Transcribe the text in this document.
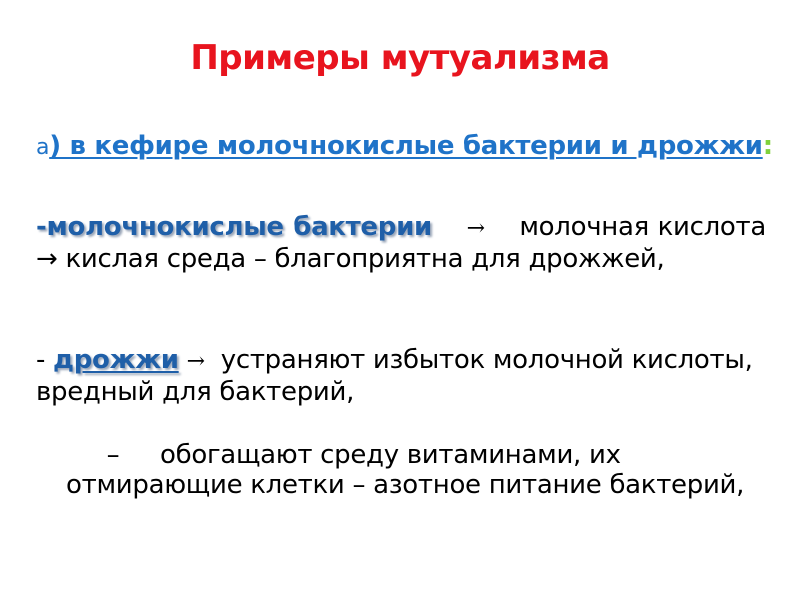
Примеры мутуализма
а) в кефире молочнокислые бактерии и дрожжи:
-молочнокислые бактерии → молочная кислота → кислая среда – благоприятна для дрожжей,
- дрожжи → устраняют избыток молочной кислоты, вредный для бактерий,
– обогащают среду витаминами, их отмирающие клетки – азотное питание бактерий,
